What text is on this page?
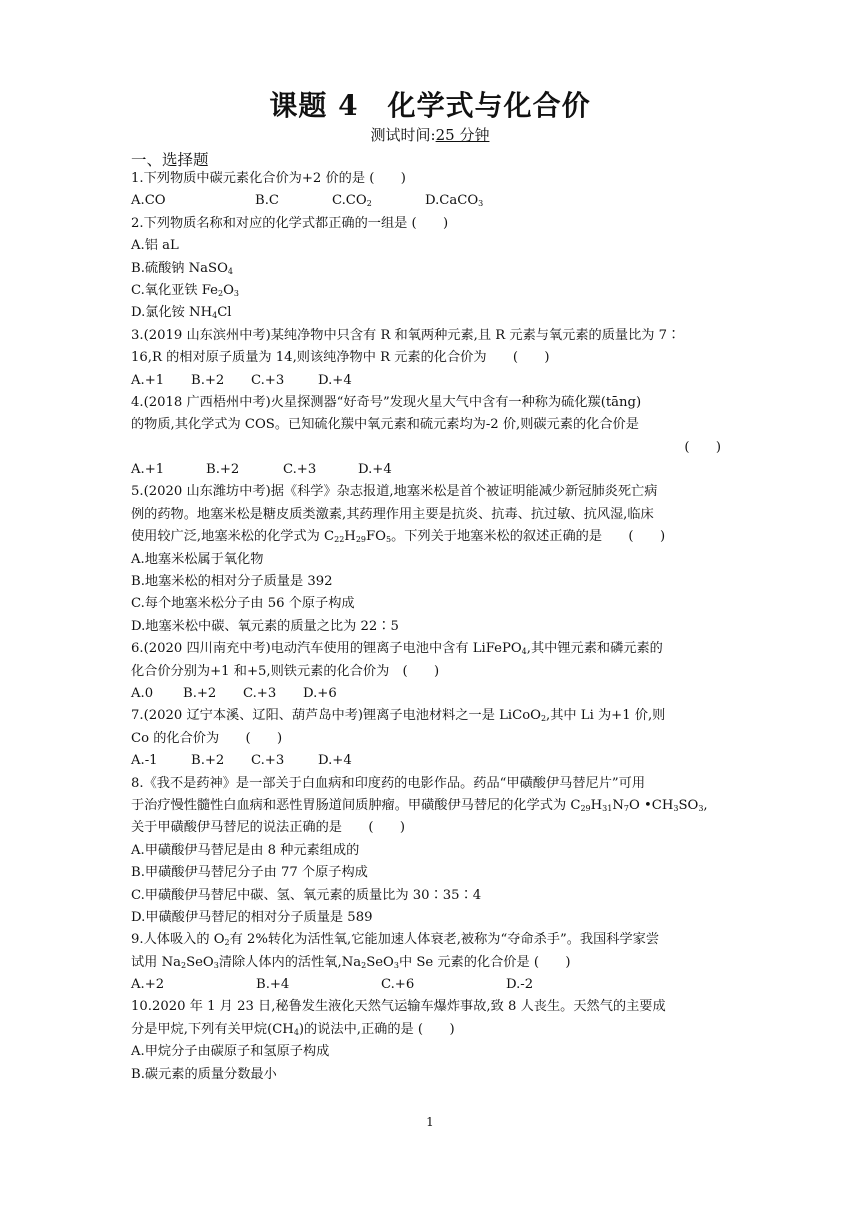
课题 4　化学式与化合价
测试时间:25 分钟
一、选择题
1.下列物质中碳元素化合价为+2 价的是 (　　)
A.CO	B.C	$C.CO_2$	D.CaCO$_3$
2.下列物质名称和对应的化学式都正确的一组是 (　　)
A.铝 aL
B.硫酸钠 NaSO$_4$
C.氧化亚铁 $Fe_2O_3$
D.氯化铵 $NH_4Cl$
3.(2019 山东滨州中考)某纯净物中只含有 R 和氧两种元素,且 R 元素与氧元素的质量比为 7∶
16,R 的相对原子质量为 14,则该纯净物中 R 元素的化合价为　　(　　)
A.+1	B.+2	C.+3	D.+4
4.(2018 广西梧州中考)火星探测器“好奇号”发现火星大气中含有一种称为硫化羰(tāng)
的物质,其化学式为 COS。已知硫化羰中氧元素和硫元素均为-2 价,则碳元素的化合价是
(　　)
A.+1	B.+2	C.+3	D.+4
5.(2020 山东潍坊中考)据《科学》杂志报道,地塞米松是首个被证明能减少新冠肺炎死亡病
例的药物。地塞米松是糖皮质类激素,其药理作用主要是抗炎、抗毒、抗过敏、抗风湿,临床
使用较广泛,地塞米松的化学式为 $C_{22}H_{29}FO_5$。下列关于地塞米松的叙述正确的是　　(　　)
A.地塞米松属于氧化物
B.地塞米松的相对分子质量是 392
C.每个地塞米松分子由 56 个原子构成
D.地塞米松中碳、氧元素的质量之比为 22∶5
6.(2020 四川南充中考)电动汽车使用的锂离子电池中含有 LiFePO$_4$,其中锂元素和磷元素的
化合价分别为+1 和+5,则铁元素的化合价为　(　　)
A.0	B.+2	C.+3	D.+6
7.(2020 辽宁本溪、辽阳、葫芦岛中考)锂离子电池材料之一是 LiCoO$_2$,其中 Li 为+1 价,则
Co 的化合价为　　(　　)
A.-1	B.+2	C.+3	D.+4
8.《我不是药神》是一部关于白血病和印度药的电影作品。药品“甲磺酸伊马替尼片”可用
于治疗慢性髓性白血病和恶性胃肠道间质肿瘤。甲磺酸伊马替尼的化学式为 $C_{29}H_{31}N_7O$ $•CH_3SO_3$,
关于甲磺酸伊马替尼的说法正确的是　　(　　)
A.甲磺酸伊马替尼是由 8 种元素组成的
B.甲磺酸伊马替尼分子由 77 个原子构成
C.甲磺酸伊马替尼中碳、氢、氧元素的质量比为 30∶35∶4
D.甲磺酸伊马替尼的相对分子质量是 589
9.人体吸入的 $O_2$有 2%转化为活性氧,它能加速人体衰老,被称为“夺命杀手”。我国科学家尝
试用 $Na_2SeO_3$清除人体内的活性氧$,Na_2SeO_3$中 Se 元素的化合价是 (　　)
A.+2	B.+4	C.+6	D.-2
10.2020 年 1 月 23 日,秘鲁发生液化天然气运输车爆炸事故,致 8 人丧生。天然气的主要成
分是甲烷,下列有关甲烷$(CH_4)$的说法中,正确的是 (　　)
A.甲烷分子由碳原子和氢原子构成
B.碳元素的质量分数最小
1
